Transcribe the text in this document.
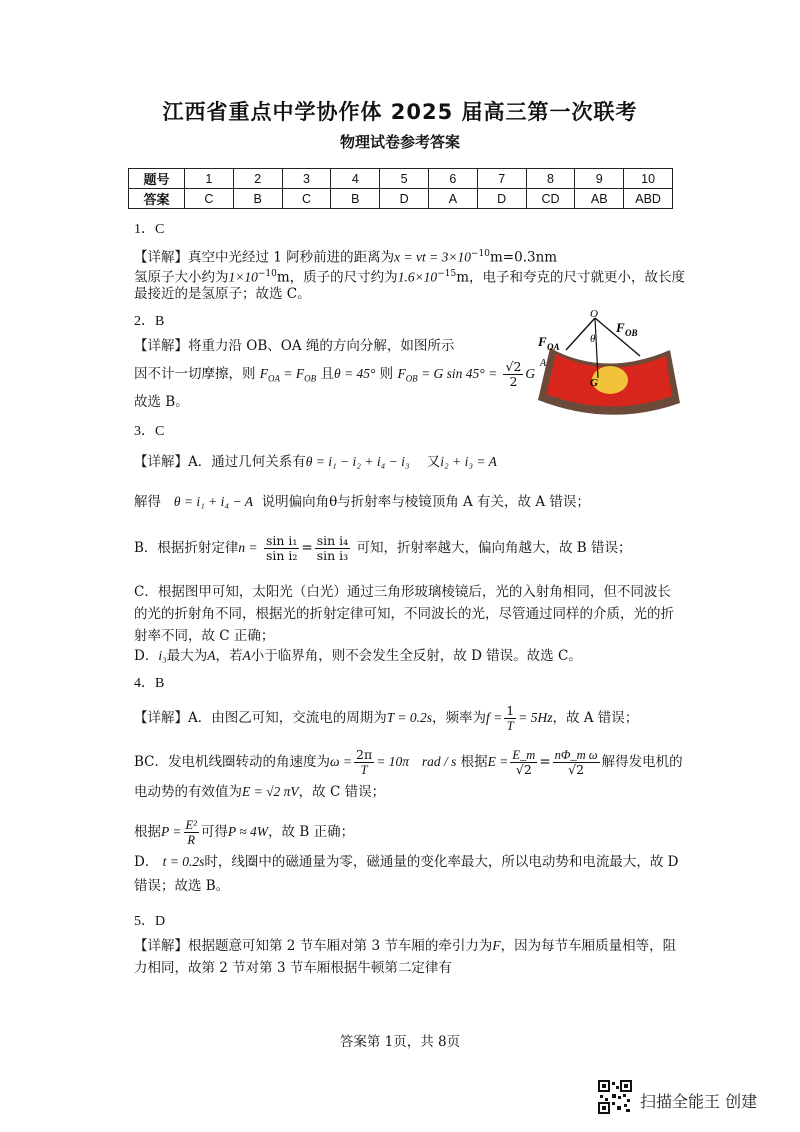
江西省重点中学协作体 2025 届高三第一次联考
物理试卷参考答案
题号	1	2	3	4	5	6	7	8	9	10
答案	C	B	C	B	D	A	D	CD	AB	ABD
1．C
【详解】真空中光经过 1 阿秒前进的距离为x = vt = $3\times 10^{-10}m=0.3nm$
氢原子大小约为$1\times 10^{-10}m$，质子的尺寸约为$1.6\times 10^{-15}m$，电子和夸克的尺寸就更小，故长度
最接近的是氢原子；故选 C。
2．B
【详解】将重力沿 OB、OA 绳的方向分解，如图所示
因不计一切摩擦，则 $F_{OA} = F_{OB}$ 且θ = 45° 则 $F_{OB} = G$ $\sin 45^\circ = \frac{√2}{2}$ G
故选 B。
O
F OA
F OB
θ
A
G
3．C
【详解】A．通过几何关系有θ = i₁ − i₂ + i₄ − i₃ 又i₂ + i₃ = A
解得 θ = i₁ + i₄ − A 说明偏向角θ与折射率与棱镜顶角 A 有关，故 A 错误；
B．根据折射定律$n = \frac{\text{sin i₁}}{\text{sin i₂}} = \frac{\text{sin i₄}}{\text{sin i₃}}$ 可知，折射率越大，偏向角越大，故 B 错误；
C．根据图甲可知，太阳光（白光）通过三角形玻璃棱镜后，光的入射角相同，但不同波长
的光的折射角不同，根据光的折射定律可知，不同波长的光，尽管通过同样的介质，光的折
射率不同，故 C 正确；
D．i₃最大为A，若A小于临界角，则不会发生全反射，故 D 错误。故选 C。
4．B
【详解】A．由图乙可知，交流电的周期为T = 0.2s，频率为$f = \frac{1}{T} = 5Hz$，故 A 错误；
BC．发电机线圈转动的角速度为$\omega = \frac{2\pi}{T} = 10\pi$ rad / s 根据$E = \frac{E\_m}{√2} = \frac{\text{nΦ\_m ω}}{√2}$ 解得发电机的
电动势的有效值为E = √2 πV，故 C 错误；
根据$P = \frac{\text{E²}}{R}$ 可得P ≈ 4W，故 B 正确；
D． t = 0.2s时，线圈中的磁通量为零，磁通量的变化率最大，所以电动势和电流最大，故 D
错误；故选 B。
5．D
【详解】根据题意可知第 2 节车厢对第 3 节车厢的牵引力为F，因为每节车厢质量相等，阻
力相同，故第 2 节对第 3 节车厢根据牛顿第二定律有
答案第 1页，共 8页
扫描全能王 创建
